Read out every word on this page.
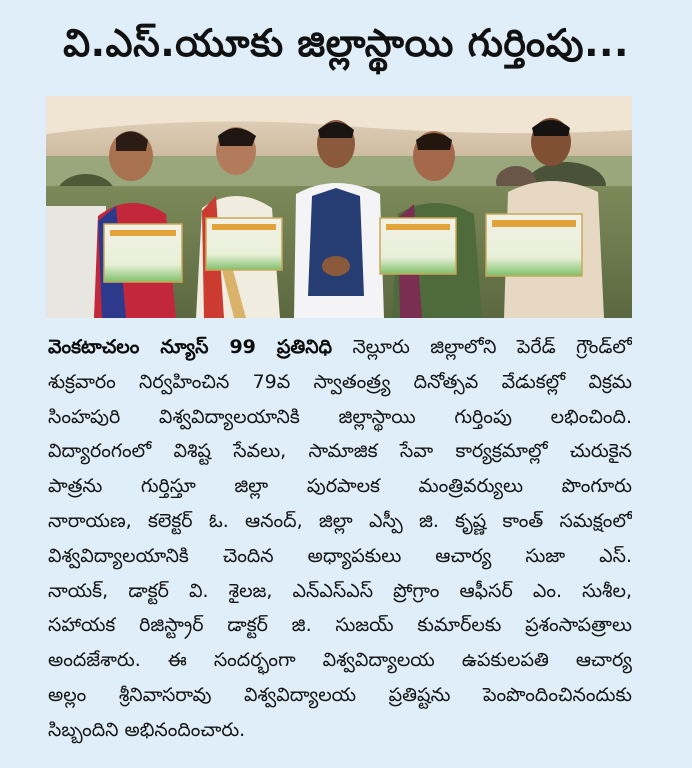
వి.ఎస్.యూకు జిల్లాస్థాయి గుర్తింపు...
వెంకటాచలం న్యూస్ 99 ప్రతినిధి నెల్లూరు జిల్లాలోని పెరేడ్ గ్రౌండ్‌లో
శుక్రవారం నిర్వహించిన 79వ స్వాతంత్ర్య దినోత్సవ వేడుకల్లో విక్రమ
సింహపురి విశ్వవిద్యాలయానికి జిల్లాస్థాయి గుర్తింపు లభించింది.
విద్యారంగంలో విశిష్ట సేవలు, సామాజిక సేవా కార్యక్రమాల్లో చురుకైన
పాత్రను గుర్తిస్తూ జిల్లా పురపాలక మంత్రివర్యులు పొంగూరు
నారాయణ, కలెక్టర్ ఓ. ఆనంద్, జిల్లా ఎస్పీ జి. కృష్ణ కాంత్ సమక్షంలో
విశ్వవిద్యాలయానికి చెందిన అధ్యాపకులు ఆచార్య సుజా ఎస్.
నాయక్, డాక్టర్ వి. శైలజ, ఎన్ఎస్ఎస్ ప్రోగ్రాం ఆఫీసర్ ఎం. సుశీల,
సహాయక రిజిస్ట్రార్ డాక్టర్ జి. సుజయ్ కుమార్‌లకు ప్రశంసాపత్రాలు
అందజేశారు. ఈ సందర్భంగా విశ్వవిద్యాలయ ఉపకులపతి ఆచార్య
అల్లం శ్రీనివాసరావు విశ్వవిద్యాలయ ప్రతిష్టను పెంపొందించినందుకు
సిబ్బందిని అభినందించారు.
